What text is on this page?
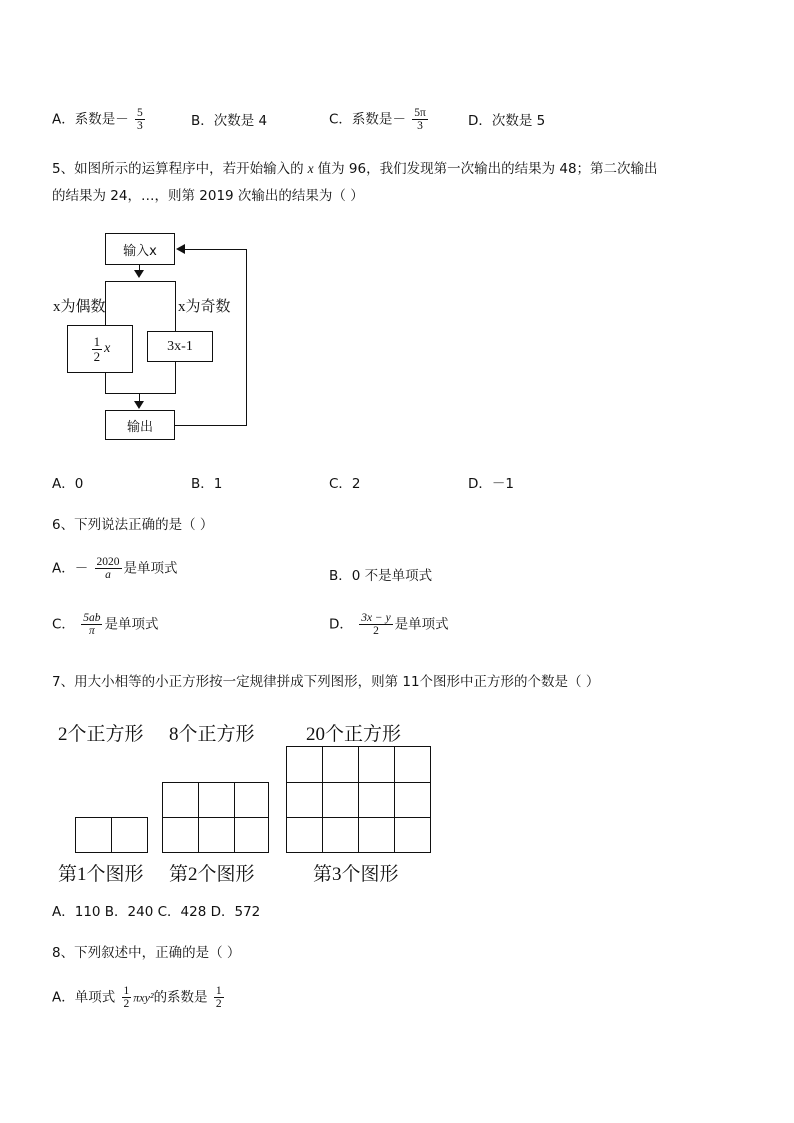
A．系数是－ $\frac{5}{3}$	B．次数是 4	C．系数是－ $\frac{5\pi}{3}$	D．次数是 5
5、如图所示的运算程序中，若开始输入的 x 值为 96，我们发现第一次输出的结果为 48；第二次输出
的结果为 24，…，则第 2019 次输出的结果为（ ）
输入x
x为偶数	x为奇数
$\frac{1}{2}$ x	3x-1
输出
A．0	B．1	C．2	D．－1
6、下列说法正确的是（ ）
A．－ $\frac{2020}{a}$ 是单项式	B．0 不是单项式
C． $\frac{5ab}{\pi}$ 是单项式	D． $\frac{3x - y}{2}$ 是单项式
7、用大小相等的小正方形按一定规律拼成下列图形，则第 11个图形中正方形的个数是（ ）
2个正方形 8个正方形	20个正方形
第1个图形 第2个图形	第3个图形
A．110 B．240 C．428 D．572
8、下列叙述中，正确的是（ ）
A．单项式 $\frac{1}{2} \pi xy^2$的系数是 $\frac{1}{2}$
